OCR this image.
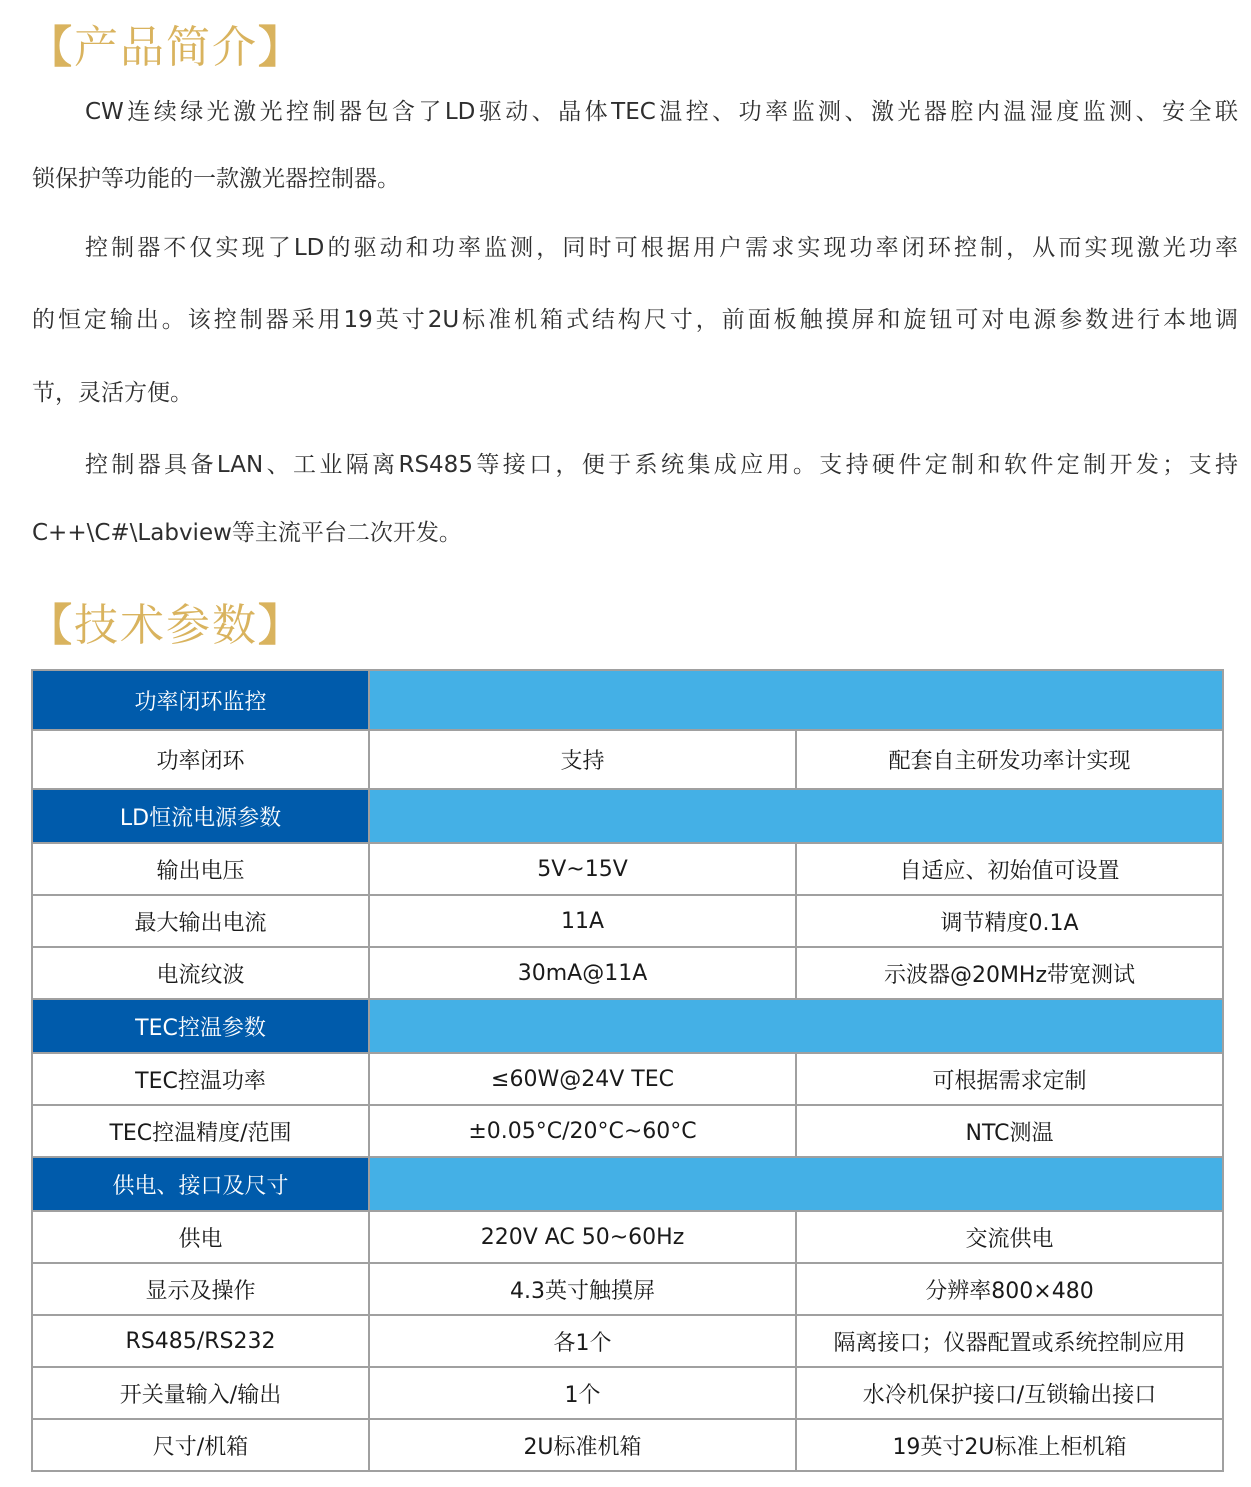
【产品简介】

CW连续绿光激光控制器包含了LD驱动、晶体TEC温控、功率监测、激光器腔内温湿度监测、安全联

锁保护等功能的一款激光器控制器。

控制器不仅实现了LD的驱动和功率监测，同时可根据用户需求实现功率闭环控制，从而实现激光功率

的恒定输出。该控制器采用19英寸2U标准机箱式结构尺寸，前面板触摸屏和旋钮可对电源参数进行本地调

节，灵活方便。

控制器具备LAN、工业隔离RS485等接口，便于系统集成应用。支持硬件定制和软件定制开发；支持

C++\C#\Labview等主流平台二次开发。

【技术参数】
功率闭环监控		
功率闭环	支持	配套自主研发功率计实现
LD恒流电源参数		
输出电压	5V~15V	自适应、初始值可设置
最大输出电流	11A	调节精度0.1A
电流纹波	30mA@11A	示波器@20MHz带宽测试
TEC控温参数		
TEC控温功率	≤60W@24V TEC	可根据需求定制
TEC控温精度/范围	±0.05°C/20°C~60°C	NTC测温
供电、接口及尺寸		
供电	220V AC 50~60Hz	交流供电
显示及操作	4.3英寸触摸屏	分辨率800×480
RS485/RS232	各1个	隔离接口；仪器配置或系统控制应用
开关量输入/输出	1个	水冷机保护接口/互锁输出接口
尺寸/机箱	2U标准机箱	19英寸2U标准上柜机箱
